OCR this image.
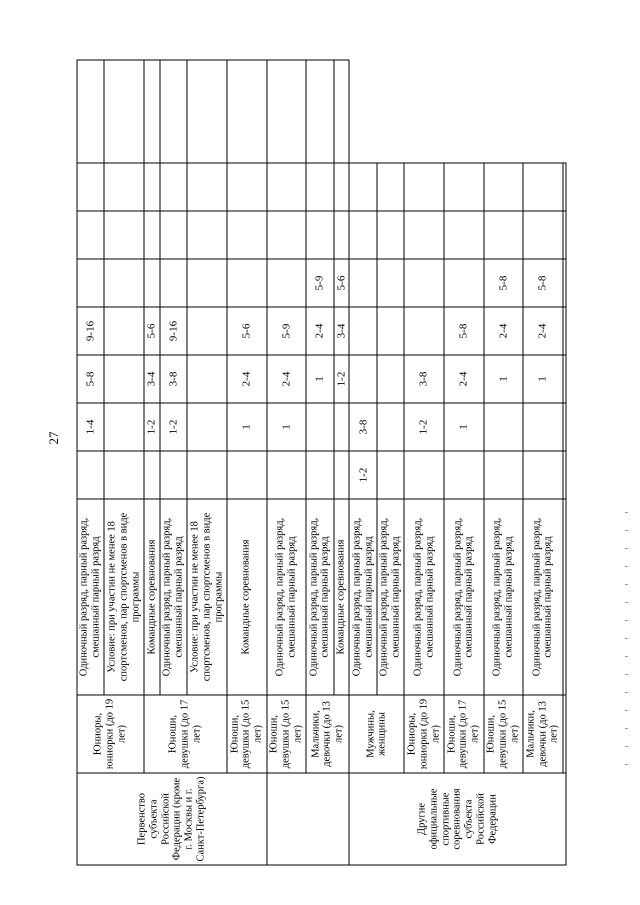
27
Первенство субъекта Российской Федерации (кроме г. Москвы и г. Санкт-Петербурга)	Юниоры, юниорки (до 19 лет)	Одиночный разряд, парный разряд, смешанный парный разряд		1-4	5-8	9-16				
		Условие: при участии не менее 18 спортсменов, пар спортсменов в виде программы								
	Юноши, девушки (до 17 лет)	Командные соревнования		1-2	3-4	5-6				
		Одиночный разряд, парный разряд, смешанный парный разряд		1-2	3-8	9-16				
		Условие: при участии не менее 18 спортсменов, пар спортсменов в виде программы								
	Юноши, девушки (до 15 лет)	Командные соревнования		1	2-4	5-6				
	Юноши, девушки (до 15 лет)	Одиночный разряд, парный разряд, смешанный парный разряд		1	2-4	5-9				
	Мальчики, девочки (до 13 лет)	Одиночный разряд, парный разряд, смешанный парный разряд			1	2-4	5-9			
		Командные соревнования			1-2	3-4	5-6			
Другие официальные спортивные соревнования субъекта Российской Федерации	Мужчины, женщины	Одиночный разряд, парный разряд, смешанный парный разряд	1-2	3-8						
		Одиночный разряд, парный разряд, смешанный парный разряд								
	Юниоры, юниорки (до 19 лет)	Одиночный разряд, парный разряд, смешанный парный разряд		1-2	3-8					
	Юноши, девушки (до 17 лет)	Одиночный разряд, парный разряд, смешанный парный разряд		1	2-4	5-8				
	Юноши, девушки (до 15 лет)	Одиночный разряд, парный разряд, смешанный парный разряд			1	2-4	5-8			
	Мальчики, девочки (до 13 лет)	Одиночный разряд, парный разряд, смешанный парный разряд			1	2-4	5-8			
